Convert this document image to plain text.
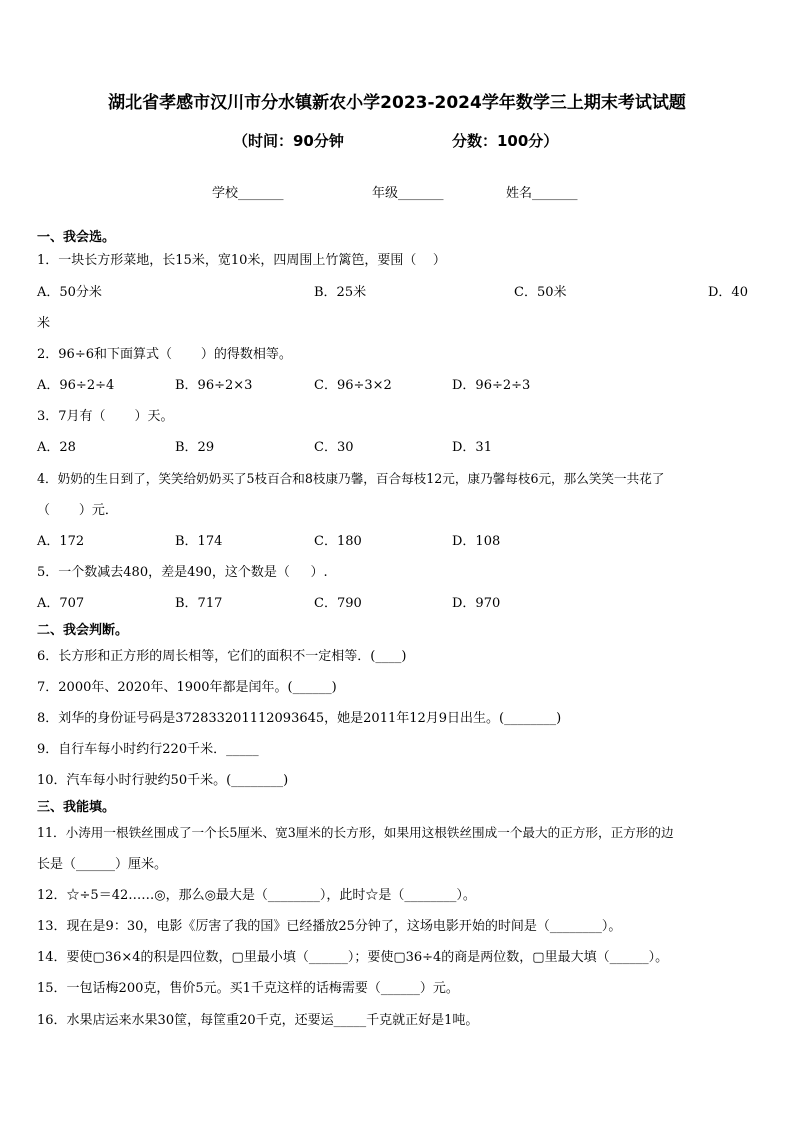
湖北省孝感市汉川市分水镇新农小学2023-2024学年数学三上期末考试试题
（时间：90分钟	分数：100分）
学校_______	年级_______	姓名_______
一、我会选。
1．一块长方形菜地，长15米，宽10米，四周围上竹篱笆，要围（    ）
A．50分米	B．25米	C．50米	D．40
米
2．96÷6和下面算式（       ）的得数相等。
A．96÷2÷4	B．96÷2×3	C．96÷3×2	D．96÷2÷3
3．7月有（       ）天。
A．28	B．29	C．30	D．31
4．奶奶的生日到了，笑笑给奶奶买了5枝百合和8枝康乃馨，百合每枝12元，康乃馨每枝6元，那么笑笑一共花了
（       ）元．
A．172	B．174	C．180	D．108
5．一个数减去480，差是490，这个数是（     ）.
A．707	B．717	C．790	D．970
二、我会判断。
6．长方形和正方形的周长相等，它们的面积不一定相等．(____)
7．2000年、2020年、1900年都是闰年。(______)
8．刘华的身份证号码是372833201112093645，她是2011年12月9日出生。(________)
9．自行车每小时约行220千米．_____
10．汽车每小时行驶约50千米。(________)
三、我能填。
11．小涛用一根铁丝围成了一个长5厘米、宽3厘米的长方形，如果用这根铁丝围成一个最大的正方形，正方形的边
长是（______）厘米。
12．☆÷5＝42……◎，那么◎最大是（________），此时☆是（________）。
13．现在是9：30，电影《厉害了我的国》已经播放25分钟了，这场电影开始的时间是（________）。
14．要使▢36×4的积是四位数，▢里最小填（______）；要使▢36÷4的商是两位数，▢里最大填（______）。
15．一包话梅200克，售价5元。买1千克这样的话梅需要（______）元。
16．水果店运来水果30筐，每筐重20千克，还要运_____千克就正好是1吨。
